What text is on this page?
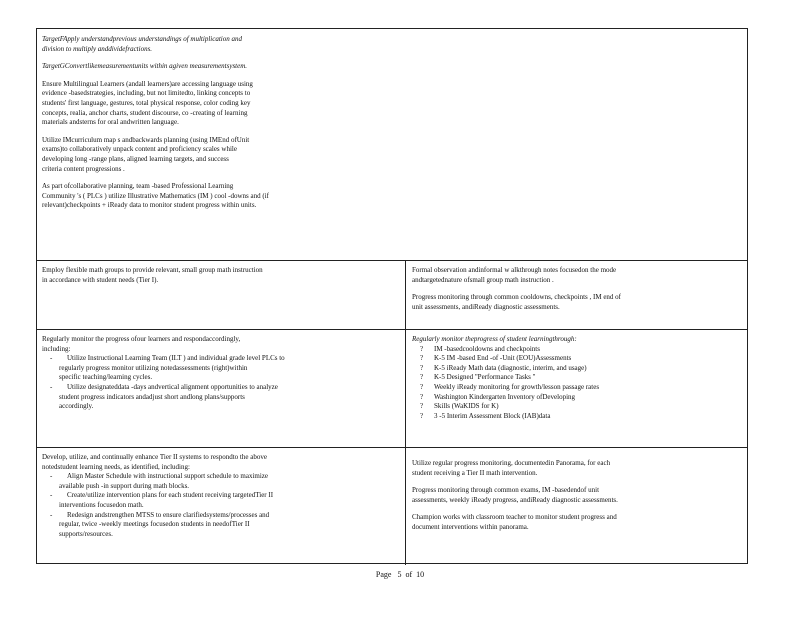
TargetFApply understandprevious understandings of multiplication and

division to multiply anddividefractions.

TargetGConvertlikemeasurementunits within agiven measurementsystem.

Ensure Multilingual Learners (andall learners)are accessing language using

evidence -basedstrategies, including, but not limitedto, linking concepts to

students' first language, gestures, total physical response, color coding key

concepts, realia, anchor charts, student discourse, co -creating of learning

materials andsterns for oral andwritten language.

Utilize IMcurriculum map s andbackwards planning (using IMEnd ofUnit

exams)to collaboratively unpack content and proficiency scales while

developing long -range plans, aligned learning targets, and success

criteria content progressions .

As part ofcollaborative planning, team -based Professional Learning

Community 's ( PLCs ) utilize Illustrative Mathematics (IM ) cool -downs and (if

relevant)checkpoints + iReady data to monitor student progress within units.

Employ flexible math groups to provide relevant, small group math instruction

in accordance with student needs (Tier I).

Formal observation andinformal w alkthrough notes focusedon the mode

andtargetednature ofsmall group math instruction .

Progress monitoring through common cooldowns, checkpoints , IM end of

unit assessments, andiReady diagnostic assessments.

Regularly monitor the progress ofour learners and respondaccordingly,

including:

- Utilize Instructional Learning Team (ILT ) and individual grade level PLCs to

regularly progress monitor utilizing notedassessments (right)within

specific teaching/learning cycles.

- Utilize designateddata -days andvertical alignment opportunities to analyze

student progress indicators andadjust short andlong plans/supports

accordingly.

Regularly monitor theprogress of student learningthrough:

? IM -basedcooldowns and checkpoints

? K-5 IM -based End -of -Unit (EOU)Assessments

? K-5 iReady Math data (diagnostic, interim, and usage)

? K-5 Designed "Performance Tasks "

? Weekly iReady monitoring for growth/lesson passage rates

? Washington Kindergarten Inventory ofDeveloping

? Skills (WaKIDS for K)

? 3 -5 Interim Assessment Block (IAB)data

Develop, utilize, and continually enhance Tier II systems to respondto the above

notedstudent learning needs, as identified, including:

- Align Master Schedule with instructional support schedule to maximize

available push -in support during math blocks.

- Create/utilize intervention plans for each student receiving targetedTier II

interventions focusedon math.

- Redesign andstrengthen MTSS to ensure clarifiedsystems/processes and

regular, twice -weekly meetings focusedon students in needofTier II

supports/resources.

Utilize regular progress monitoring, documentedin Panorama, for each

student receiving a Tier II math intervention.

Progress monitoring through common exams, IM -basedendof unit

assessments, weekly iReady progress, andiReady diagnostic assessments.

Champion works with classroom teacher to monitor student progress and

document interventions within panorama.

Page 5 of 10
